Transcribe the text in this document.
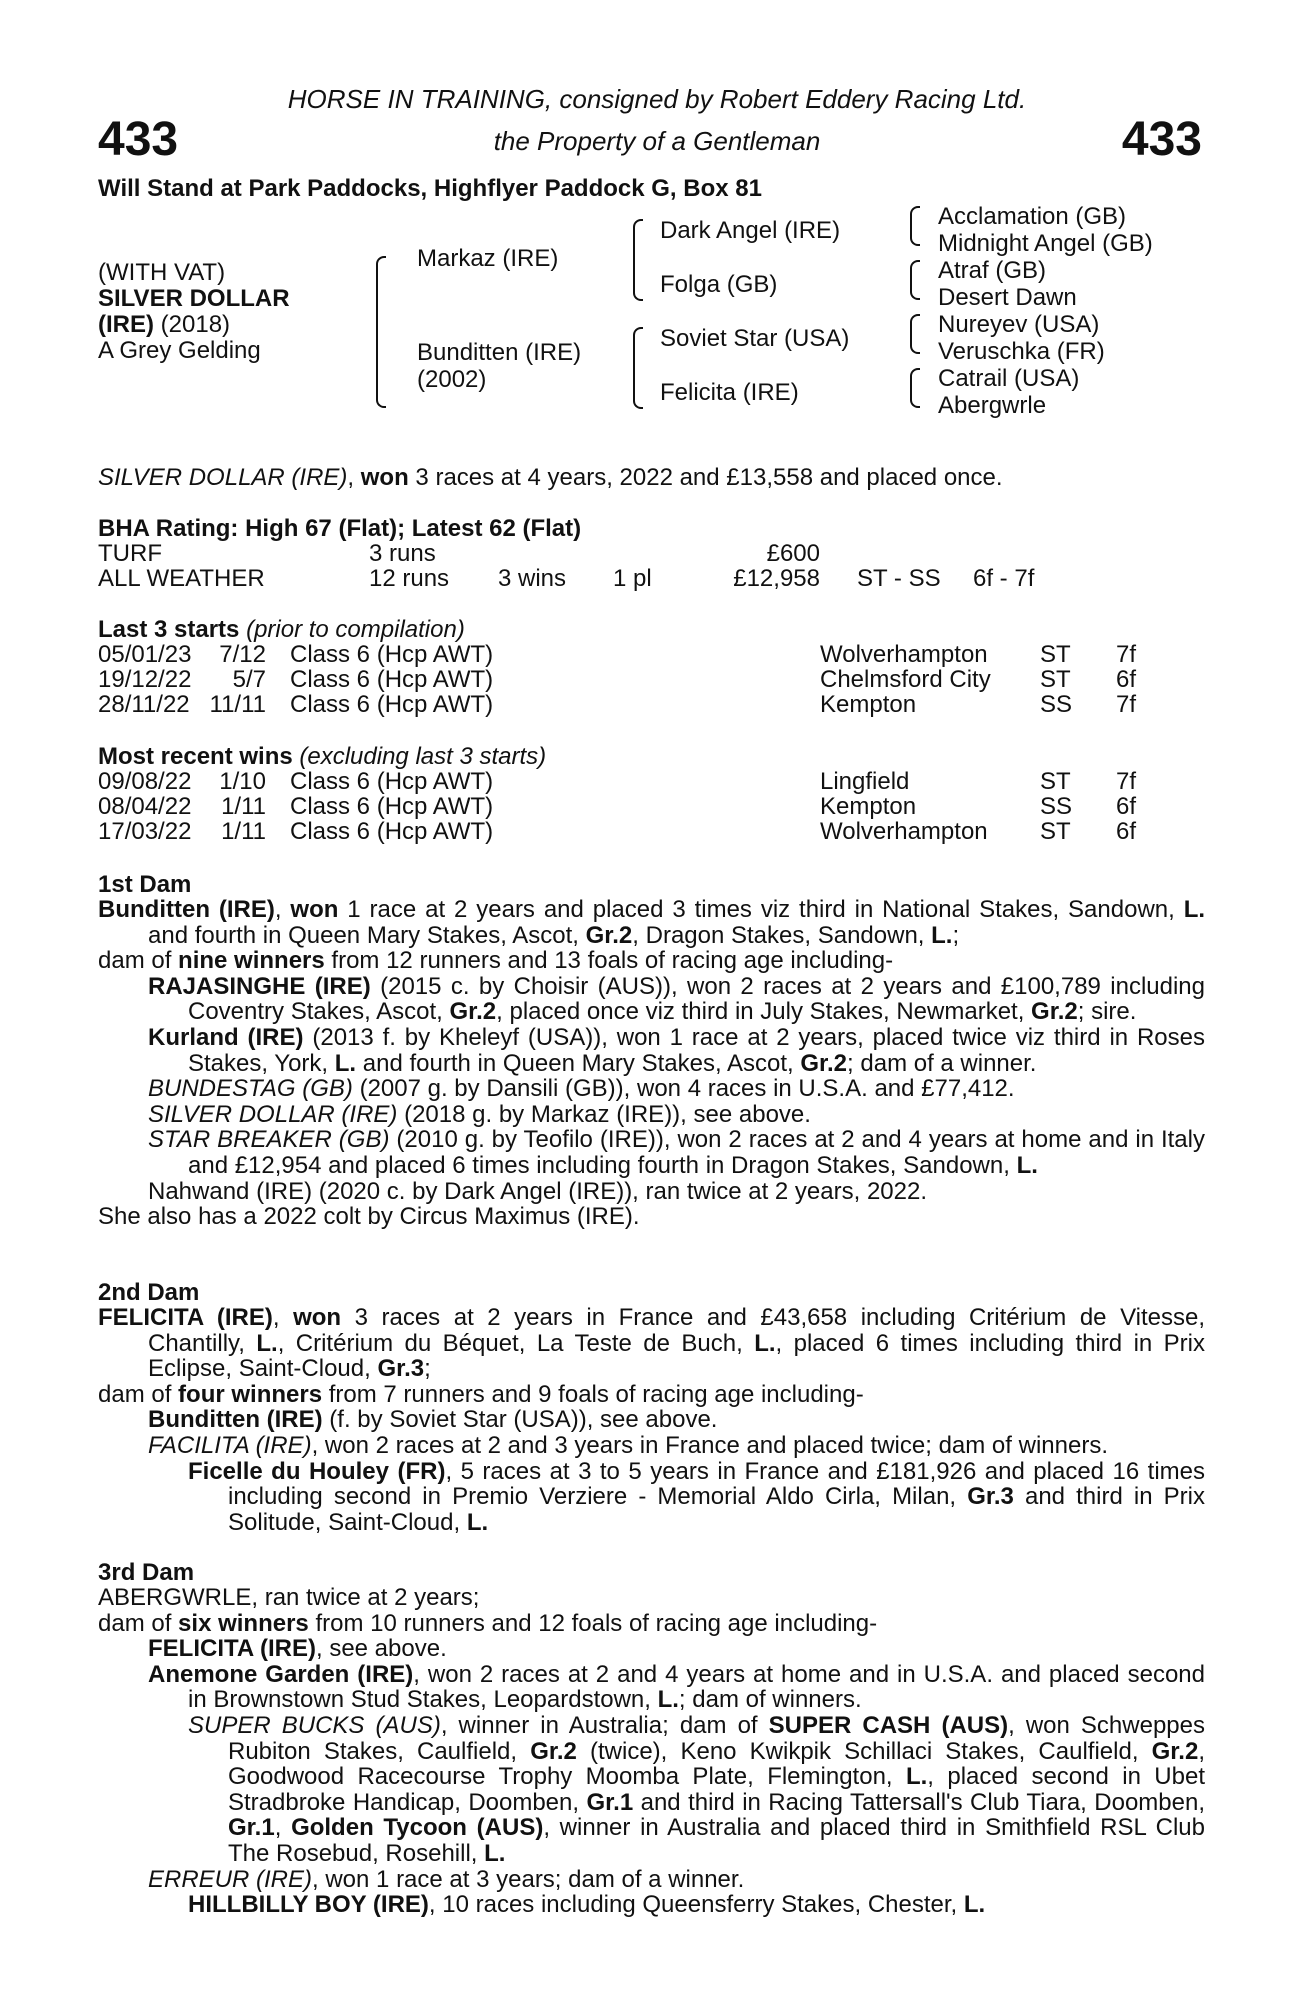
HORSE IN TRAINING, consigned by Robert Eddery Racing Ltd.
the Property of a Gentleman
433	433
Will Stand at Park Paddocks, Highflyer Paddock G, Box 81
(WITH VAT)
SILVER DOLLAR
(IRE) (2018)
A Grey Gelding
Markaz (IRE)
Bunditten (IRE)
(2002)
Dark Angel (IRE)
Folga (GB)
Soviet Star (USA)
Felicita (IRE)
Acclamation (GB)
Midnight Angel (GB)
Atraf (GB)
Desert Dawn
Nureyev (USA)
Veruschka (FR)
Catrail (USA)
Abergwrle
SILVER DOLLAR (IRE), won 3 races at 4 years, 2022 and £13,558 and placed once.
BHA Rating: High 67 (Flat); Latest 62 (Flat)
TURF	3 runs	£600
ALL WEATHER	12 runs 3 wins 1 pl	£12,958 ST - SS 6f - 7f
Last 3 starts (prior to compilation)
05/01/23 7/12 Class 6 (Hcp AWT)	Wolverhampton ST 7f
19/12/22 5/7 Class 6 (Hcp AWT)	Chelmsford City ST 6f
28/11/22 11/11 Class 6 (Hcp AWT)	Kempton	SS 7f
Most recent wins (excluding last 3 starts)
09/08/22 1/10 Class 6 (Hcp AWT)	Lingfield	ST 7f
08/04/22 1/11 Class 6 (Hcp AWT)	Kempton	SS 6f
17/03/22 1/11 Class 6 (Hcp AWT)	Wolverhampton ST 6f
1st Dam

Bunditten (IRE), won 1 race at 2 years and placed 3 times viz third in National Stakes, Sandown, L. and fourth in Queen Mary Stakes, Ascot, Gr.2, Dragon Stakes, Sandown, L.;

dam of nine winners from 12 runners and 13 foals of racing age including-

RAJASINGHE (IRE) (2015 c. by Choisir (AUS)), won 2 races at 2 years and £100,789 including Coventry Stakes, Ascot, Gr.2, placed once viz third in July Stakes, Newmarket, Gr.2; sire.

Kurland (IRE) (2013 f. by Kheleyf (USA)), won 1 race at 2 years, placed twice viz third in Roses Stakes, York, L. and fourth in Queen Mary Stakes, Ascot, Gr.2; dam of a winner.

BUNDESTAG (GB) (2007 g. by Dansili (GB)), won 4 races in U.S.A. and £77,412.

SILVER DOLLAR (IRE) (2018 g. by Markaz (IRE)), see above.

STAR BREAKER (GB) (2010 g. by Teofilo (IRE)), won 2 races at 2 and 4 years at home and in Italy and £12,954 and placed 6 times including fourth in Dragon Stakes, Sandown, L.

Nahwand (IRE) (2020 c. by Dark Angel (IRE)), ran twice at 2 years, 2022.

She also has a 2022 colt by Circus Maximus (IRE).

2nd Dam

FELICITA (IRE), won 3 races at 2 years in France and £43,658 including Critérium de Vitesse, Chantilly, L., Critérium du Béquet, La Teste de Buch, L., placed 6 times including third in Prix Eclipse, Saint-Cloud, Gr.3;

dam of four winners from 7 runners and 9 foals of racing age including-

Bunditten (IRE) (f. by Soviet Star (USA)), see above.

FACILITA (IRE), won 2 races at 2 and 3 years in France and placed twice; dam of winners.

Ficelle du Houley (FR), 5 races at 3 to 5 years in France and £181,926 and placed 16 times including second in Premio Verziere - Memorial Aldo Cirla, Milan, Gr.3 and third in Prix Solitude, Saint-Cloud, L.

3rd Dam

ABERGWRLE, ran twice at 2 years;

dam of six winners from 10 runners and 12 foals of racing age including-

FELICITA (IRE), see above.

Anemone Garden (IRE), won 2 races at 2 and 4 years at home and in U.S.A. and placed second in Brownstown Stud Stakes, Leopardstown, L.; dam of winners.

SUPER BUCKS (AUS), winner in Australia; dam of SUPER CASH (AUS), won Schweppes Rubiton Stakes, Caulfield, Gr.2 (twice), Keno Kwikpik Schillaci Stakes, Caulfield, Gr.2, Goodwood Racecourse Trophy Moomba Plate, Flemington, L., placed second in Ubet Stradbroke Handicap, Doomben, Gr.1 and third in Racing Tattersall's Club Tiara, Doomben, Gr.1, Golden Tycoon (AUS), winner in Australia and placed third in Smithfield RSL Club The Rosebud, Rosehill, L.

ERREUR (IRE), won 1 race at 3 years; dam of a winner.

HILLBILLY BOY (IRE), 10 races including Queensferry Stakes, Chester, L.
